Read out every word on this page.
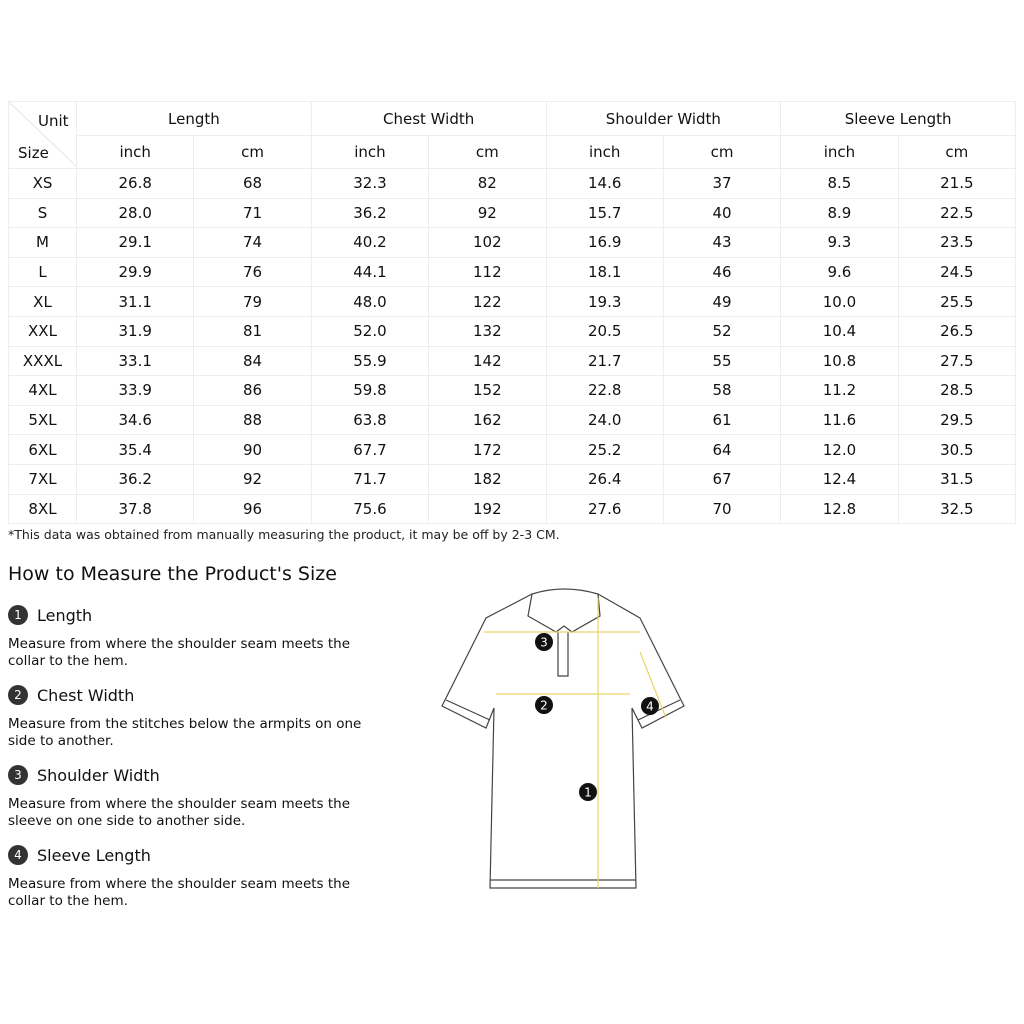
Unit
Size	Length		Chest Width		Shoulder Width		Sleeve Length	
	inch	cm	inch	cm	inch	cm	inch	cm
XS	26.8	68	32.3	82	14.6	37	8.5	21.5
S	28.0	71	36.2	92	15.7	40	8.9	22.5
M	29.1	74	40.2	102	16.9	43	9.3	23.5
L	29.9	76	44.1	112	18.1	46	9.6	24.5
XL	31.1	79	48.0	122	19.3	49	10.0	25.5
XXL	31.9	81	52.0	132	20.5	52	10.4	26.5
XXXL	33.1	84	55.9	142	21.7	55	10.8	27.5
4XL	33.9	86	59.8	152	22.8	58	11.2	28.5
5XL	34.6	88	63.8	162	24.0	61	11.6	29.5
6XL	35.4	90	67.7	172	25.2	64	12.0	30.5
7XL	36.2	92	71.7	182	26.4	67	12.4	31.5
8XL	37.8	96	75.6	192	27.6	70	12.8	32.5

*This data was obtained from manually measuring the product, it may be off by 2-3 CM.

How to Measure the Product's Size
1 Length
Measure from where the shoulder seam meets the collar to the hem.
2 Chest Width
Measure from the stitches below the armpits on one side to another.
3 Shoulder Width
Measure from where the shoulder seam meets the sleeve on one side to another side.
4 Sleeve Length
Measure from where the shoulder seam meets the collar to the hem.
1
2
3
4
